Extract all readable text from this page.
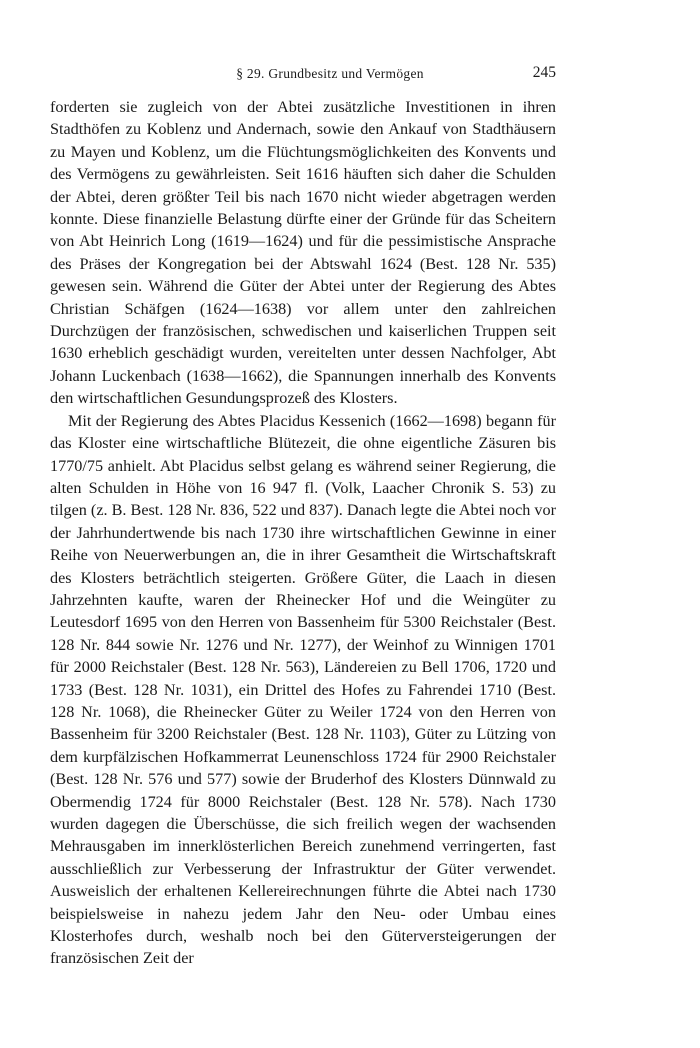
§ 29. Grundbesitz und Vermögen	245

forderten sie zugleich von der Abtei zusätzliche Investitionen in ihren Stadthöfen zu Koblenz und Andernach, sowie den Ankauf von Stadthäusern zu Mayen und Koblenz, um die Flüchtungsmöglichkeiten des Konvents und des Vermögens zu gewährleisten. Seit 1616 häuften sich daher die Schulden der Abtei, deren größter Teil bis nach 1670 nicht wieder abgetragen werden konnte. Diese finanzielle Belastung dürfte einer der Gründe für das Scheitern von Abt Heinrich Long (1619—1624) und für die pessimistische Ansprache des Präses der Kongregation bei der Abtswahl 1624 (Best. 128 Nr. 535) gewesen sein. Während die Güter der Abtei unter der Regierung des Abtes Christian Schäfgen (1624—1638) vor allem unter den zahlreichen Durchzügen der französischen, schwedischen und kaiserlichen Truppen seit 1630 erheblich geschädigt wurden, vereitelten unter dessen Nachfolger, Abt Johann Luckenbach (1638—1662), die Spannungen innerhalb des Konvents den wirtschaftlichen Gesundungsprozeß des Klosters.

Mit der Regierung des Abtes Placidus Kessenich (1662—1698) begann für das Kloster eine wirtschaftliche Blütezeit, die ohne eigentliche Zäsuren bis 1770/75 anhielt. Abt Placidus selbst gelang es während seiner Regierung, die alten Schulden in Höhe von 16 947 fl. (Volk, Laacher Chronik S. 53) zu tilgen (z. B. Best. 128 Nr. 836, 522 und 837). Danach legte die Abtei noch vor der Jahrhundertwende bis nach 1730 ihre wirtschaftlichen Gewinne in einer Reihe von Neuerwerbungen an, die in ihrer Gesamtheit die Wirtschaftskraft des Klosters beträchtlich steigerten. Größere Güter, die Laach in diesen Jahrzehnten kaufte, waren der Rheinecker Hof und die Weingüter zu Leutesdorf 1695 von den Herren von Bassenheim für 5300 Reichstaler (Best. 128 Nr. 844 sowie Nr. 1276 und Nr. 1277), der Weinhof zu Winnigen 1701 für 2000 Reichstaler (Best. 128 Nr. 563), Ländereien zu Bell 1706, 1720 und 1733 (Best. 128 Nr. 1031), ein Drittel des Hofes zu Fahrendei 1710 (Best. 128 Nr. 1068), die Rheinecker Güter zu Weiler 1724 von den Herren von Bassenheim für 3200 Reichstaler (Best. 128 Nr. 1103), Güter zu Lützing von dem kurpfälzischen Hofkammerrat Leunenschloss 1724 für 2900 Reichstaler (Best. 128 Nr. 576 und 577) sowie der Bruderhof des Klosters Dünnwald zu Obermendig 1724 für 8000 Reichstaler (Best. 128 Nr. 578). Nach 1730 wurden dagegen die Überschüsse, die sich freilich wegen der wachsenden Mehrausgaben im innerklösterlichen Bereich zunehmend verringerten, fast ausschließlich zur Verbesserung der Infrastruktur der Güter verwendet. Ausweislich der erhaltenen Kellereirechnungen führte die Abtei nach 1730 beispielsweise in nahezu jedem Jahr den Neu- oder Umbau eines Klosterhofes durch, weshalb noch bei den Güterversteigerungen der französischen Zeit der
